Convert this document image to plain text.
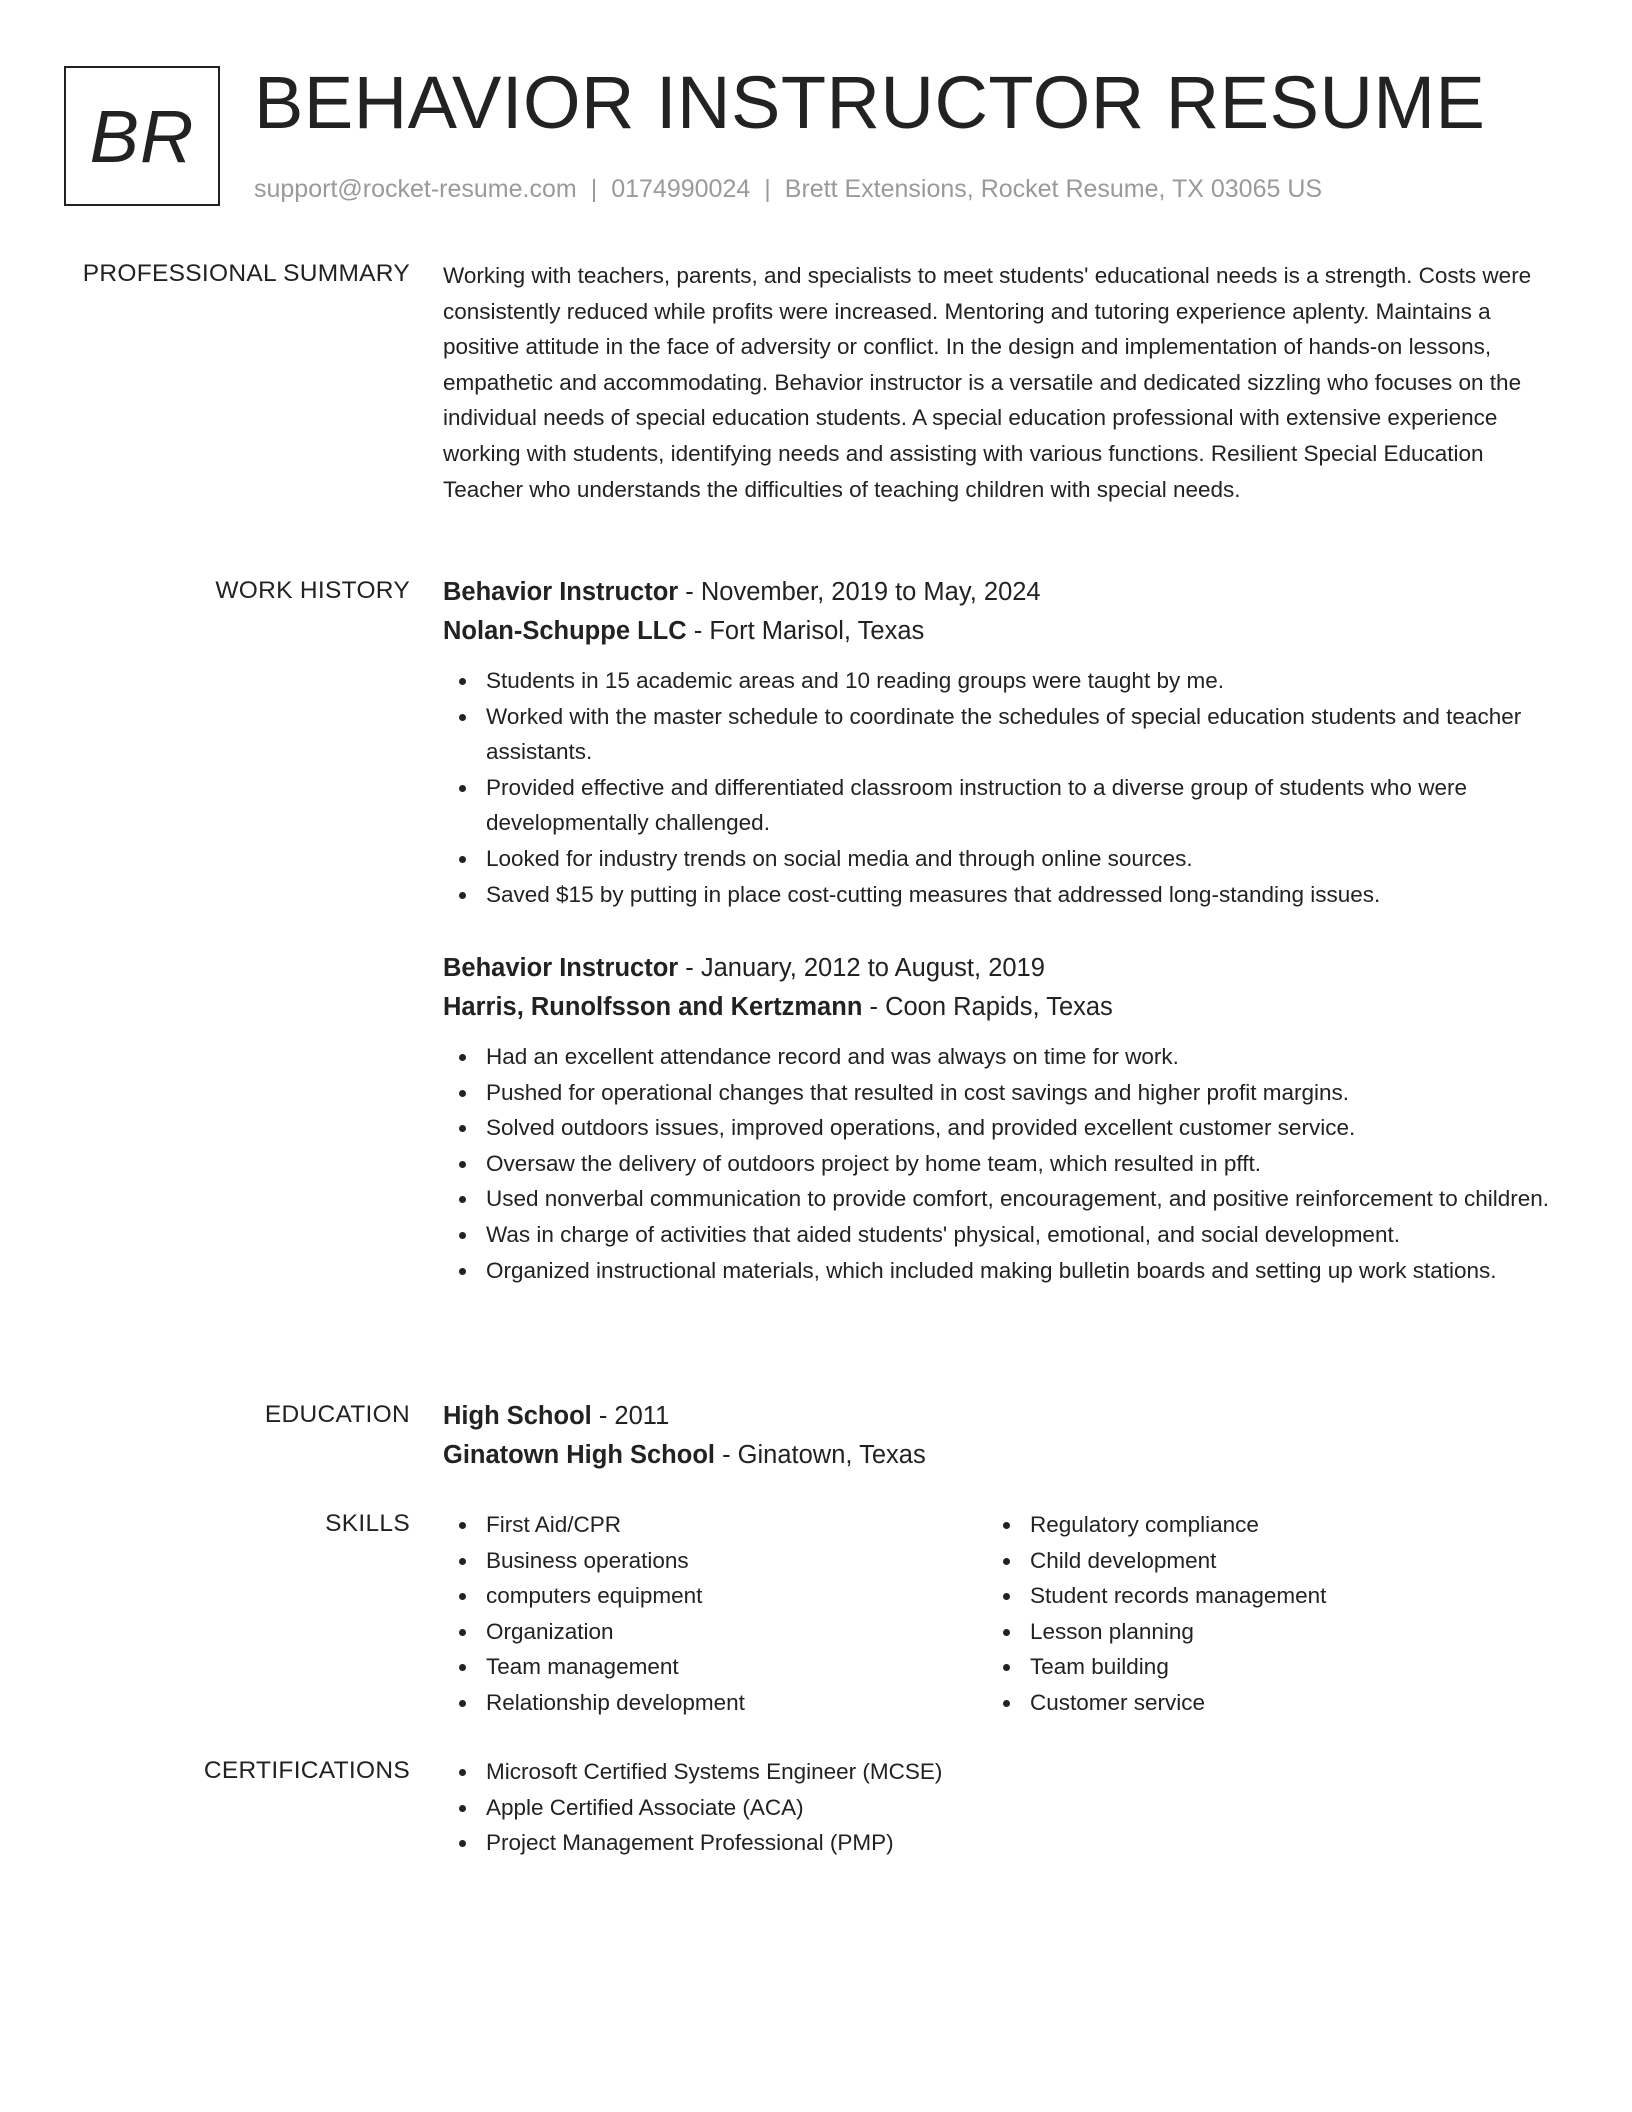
BR BEHAVIOR INSTRUCTOR RESUME
support@rocket-resume.com | 0174990024 | Brett Extensions, Rocket Resume, TX 03065 US
PROFESSIONAL SUMMARY Working with teachers, parents, and specialists to meet students' educational needs is a strength. Costs were consistently reduced while profits were increased. Mentoring and tutoring experience aplenty. Maintains a positive attitude in the face of adversity or conflict. In the design and implementation of hands-on lessons, empathetic and accommodating. Behavior instructor is a versatile and dedicated sizzling who focuses on the individual needs of special education students. A special education professional with extensive experience working with students, identifying needs and assisting with various functions. Resilient Special Education Teacher who understands the difficulties of teaching children with special needs.

WORK HISTORY Behavior Instructor - November, 2019 to May, 2024
Nolan-Schuppe LLC - Fort Marisol, Texas
Students in 15 academic areas and 10 reading groups were taught by me.
Worked with the master schedule to coordinate the schedules of special education students and teacher assistants.
Provided effective and differentiated classroom instruction to a diverse group of students who were developmentally challenged.
Looked for industry trends on social media and through online sources.
Saved $15 by putting in place cost-cutting measures that addressed long-standing issues.
Behavior Instructor - January, 2012 to August, 2019
Harris, Runolfsson and Kertzmann - Coon Rapids, Texas
Had an excellent attendance record and was always on time for work.
Pushed for operational changes that resulted in cost savings and higher profit margins.
Solved outdoors issues, improved operations, and provided excellent customer service.
Oversaw the delivery of outdoors project by home team, which resulted in pfft.
Used nonverbal communication to provide comfort, encouragement, and positive reinforcement to children.
Was in charge of activities that aided students' physical, emotional, and social development.
Organized instructional materials, which included making bulletin boards and setting up work stations.
EDUCATION High School - 2011
Ginatown High School - Ginatown, Texas
SKILLS	First Aid/CPR
Business operations
computers equipment
Organization
Team management
Relationship development
Regulatory compliance
Child development
Student records management
Lesson planning
Team building
Customer service
CERTIFICATIONS	Microsoft Certified Systems Engineer (MCSE)
Apple Certified Associate (ACA)
Project Management Professional (PMP)
